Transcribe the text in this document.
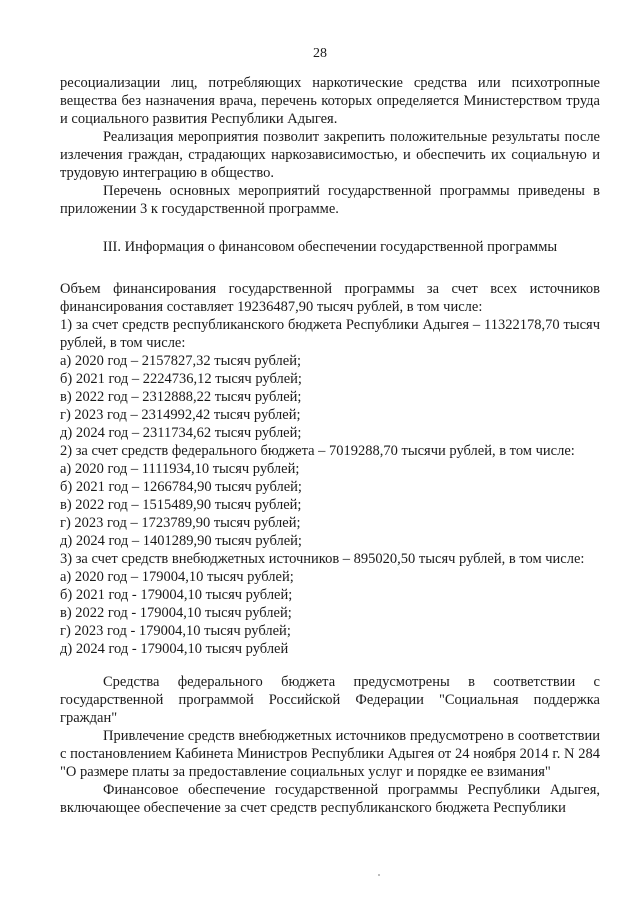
28

ресоциализации лиц, потребляющих наркотические средства или психотропные вещества без назначения врача, перечень которых определяется Министерством труда и социального развития Республики Адыгея.

Реализация мероприятия позволит закрепить положительные результаты после излечения граждан, страдающих наркозависимостью, и обеспечить их социальную и трудовую интеграцию в общество.

Перечень основных мероприятий государственной программы приведены в приложении 3 к государственной программе.

III. Информация о финансовом обеспечении государственной программы

Объем финансирования государственной программы за счет всех источников финансирования составляет 19236487,90 тысяч рублей, в том числе:

1) за счет средств республиканского бюджета Республики Адыгея – 11322178,70 тысяч рублей, в том числе:

а) 2020 год – 2157827,32 тысяч рублей;

б) 2021 год – 2224736,12 тысяч рублей;

в) 2022 год – 2312888,22 тысяч рублей;

г) 2023 год – 2314992,42 тысяч рублей;

д) 2024 год – 2311734,62 тысяч рублей;

2) за счет средств федерального бюджета – 7019288,70 тысячи рублей, в том числе:

а) 2020 год – 1111934,10 тысяч рублей;

б) 2021 год – 1266784,90 тысяч рублей;

в) 2022 год – 1515489,90 тысяч рублей;

г) 2023 год – 1723789,90 тысяч рублей;

д) 2024 год – 1401289,90 тысяч рублей;

3) за счет средств внебюджетных источников – 895020,50 тысяч рублей, в том числе:

а) 2020 год – 179004,10 тысяч рублей;

б) 2021 год - 179004,10 тысяч рублей;

в) 2022 год - 179004,10 тысяч рублей;

г) 2023 год - 179004,10 тысяч рублей;

д) 2024 год - 179004,10 тысяч рублей

Средства федерального бюджета предусмотрены в соответствии с государственной программой Российской Федерации "Социальная поддержка граждан"

Привлечение средств внебюджетных источников предусмотрено в соответствии с постановлением Кабинета Министров Республики Адыгея от 24 ноября 2014 г. N 284 "О размере платы за предоставление социальных услуг и порядке ее взимания"

Финансовое обеспечение государственной программы Республики Адыгея, включающее обеспечение за счет средств республиканского бюджета Республики
